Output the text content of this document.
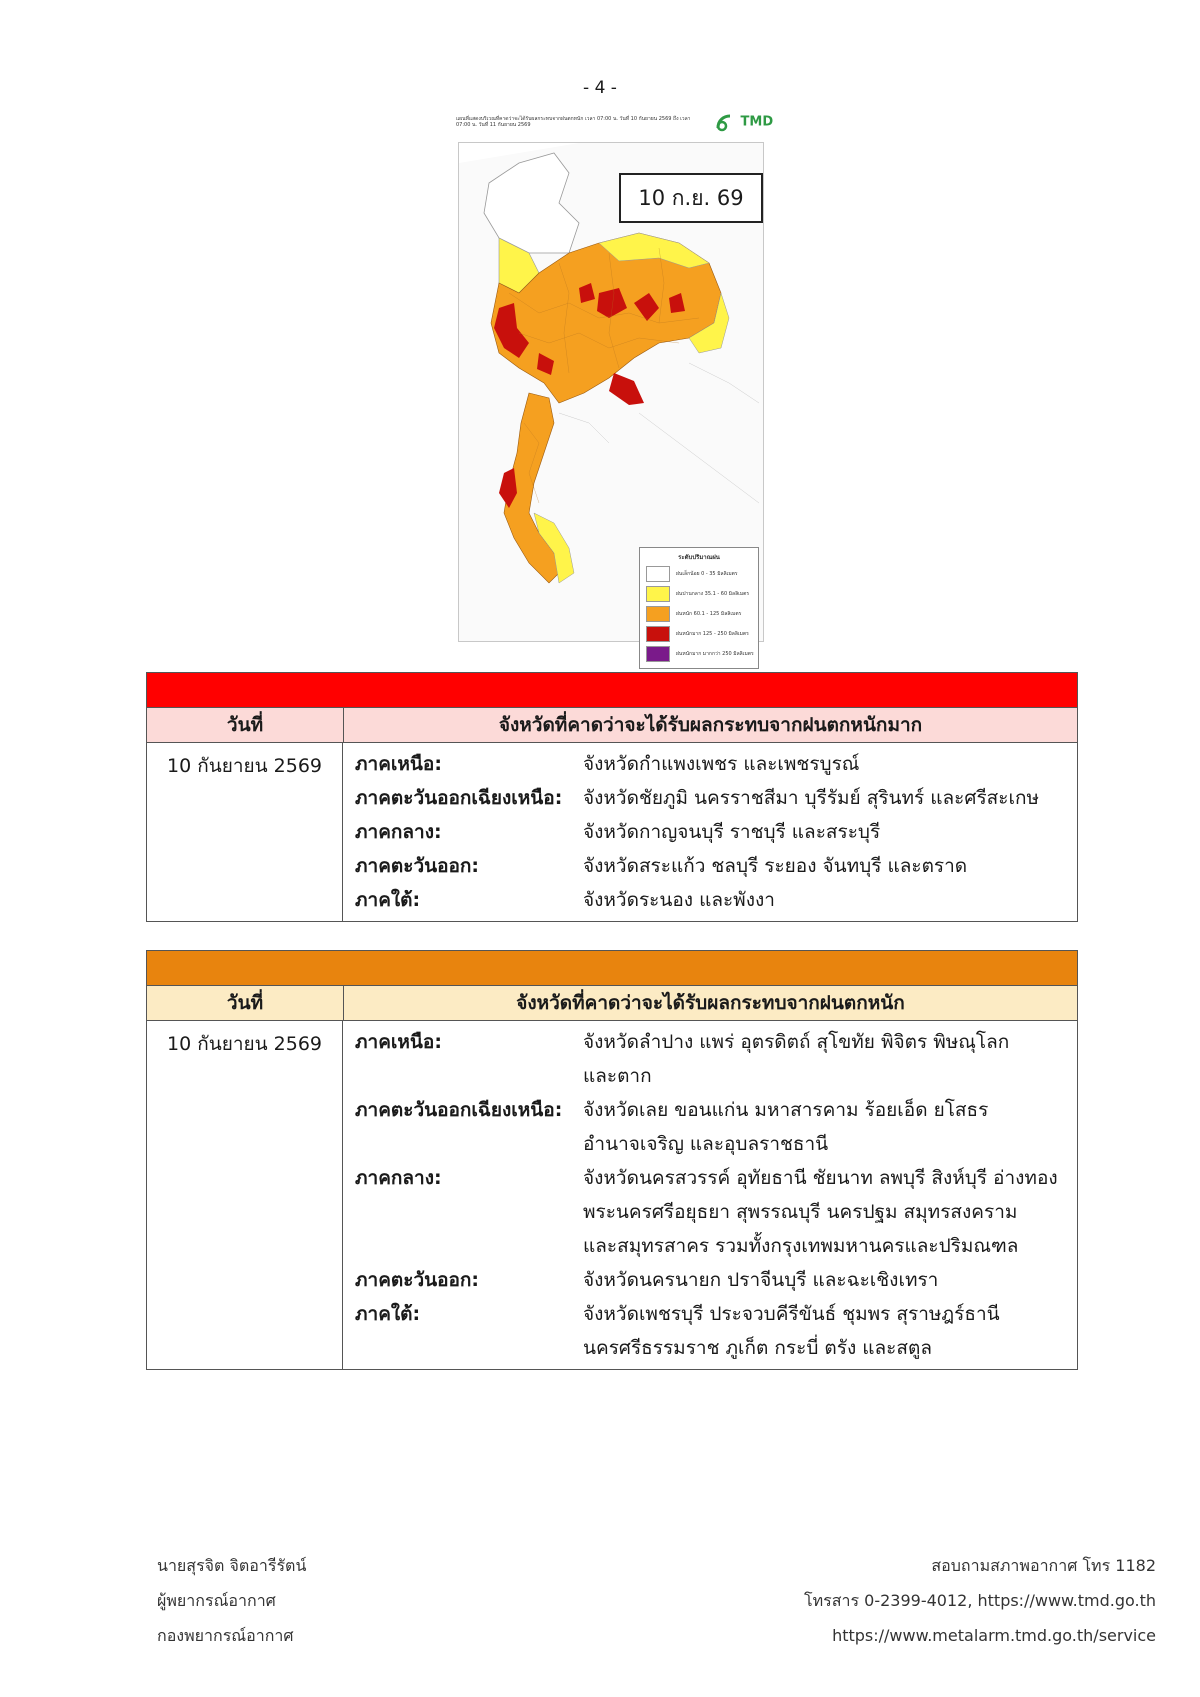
- 4 -
แผนที่แสดงบริเวณที่คาดว่าจะได้รับผลกระทบจากฝนตกหนัก เวลา 07:00 น. วันที่ 10 กันยายน 2569 ถึง เวลา 07:00 น. วันที่ 11 กันยายน 2569	TMD
10 ก.ย. 69
ระดับปริมาณฝน
ฝนเล็กน้อย 0 - 35 มิลลิเมตร
ฝนปานกลาง 35.1 - 60 มิลลิเมตร
ฝนหนัก 60.1 - 125 มิลลิเมตร
ฝนหนักมาก 125 - 250 มิลลิเมตร
ฝนหนักมาก มากกว่า 250 มิลลิเมตร
วันที่	จังหวัดที่คาดว่าจะได้รับผลกระทบจากฝนตกหนักมาก
10 กันยายน 2569	ภาคเหนือ:	จังหวัดกำแพงเพชร และเพชรบูรณ์
ภาคตะวันออกเฉียงเหนือ:	จังหวัดชัยภูมิ นครราชสีมา บุรีรัมย์ สุรินทร์ และศรีสะเกษ
ภาคกลาง:	จังหวัดกาญจนบุรี ราชบุรี และสระบุรี
ภาคตะวันออก:	จังหวัดสระแก้ว ชลบุรี ระยอง จันทบุรี และตราด
ภาคใต้:	จังหวัดระนอง และพังงา
วันที่	จังหวัดที่คาดว่าจะได้รับผลกระทบจากฝนตกหนัก
10 กันยายน 2569	ภาคเหนือ:	จังหวัดลำปาง แพร่ อุตรดิตถ์ สุโขทัย พิจิตร พิษณุโลก
และตาก
ภาคตะวันออกเฉียงเหนือ:	จังหวัดเลย ขอนแก่น มหาสารคาม ร้อยเอ็ด ยโสธร
อำนาจเจริญ และอุบลราชธานี
ภาคกลาง:	จังหวัดนครสวรรค์ อุทัยธานี ชัยนาท ลพบุรี สิงห์บุรี อ่างทอง
พระนครศรีอยุธยา สุพรรณบุรี นครปฐม สมุทรสงคราม
และสมุทรสาคร รวมทั้งกรุงเทพมหานครและปริมณฑล
ภาคตะวันออก:	จังหวัดนครนายก ปราจีนบุรี และฉะเชิงเทรา
ภาคใต้:	จังหวัดเพชรบุรี ประจวบคีรีขันธ์ ชุมพร สุราษฎร์ธานี
นครศรีธรรมราช ภูเก็ต กระบี่ ตรัง และสตูล
นายสุรจิต จิตอารีรัตน์
ผู้พยากรณ์อากาศ
กองพยากรณ์อากาศ
สอบถามสภาพอากาศ โทร 1182
โทรสาร 0-2399-4012, https://www.tmd.go.th
https://www.metalarm.tmd.go.th/service
